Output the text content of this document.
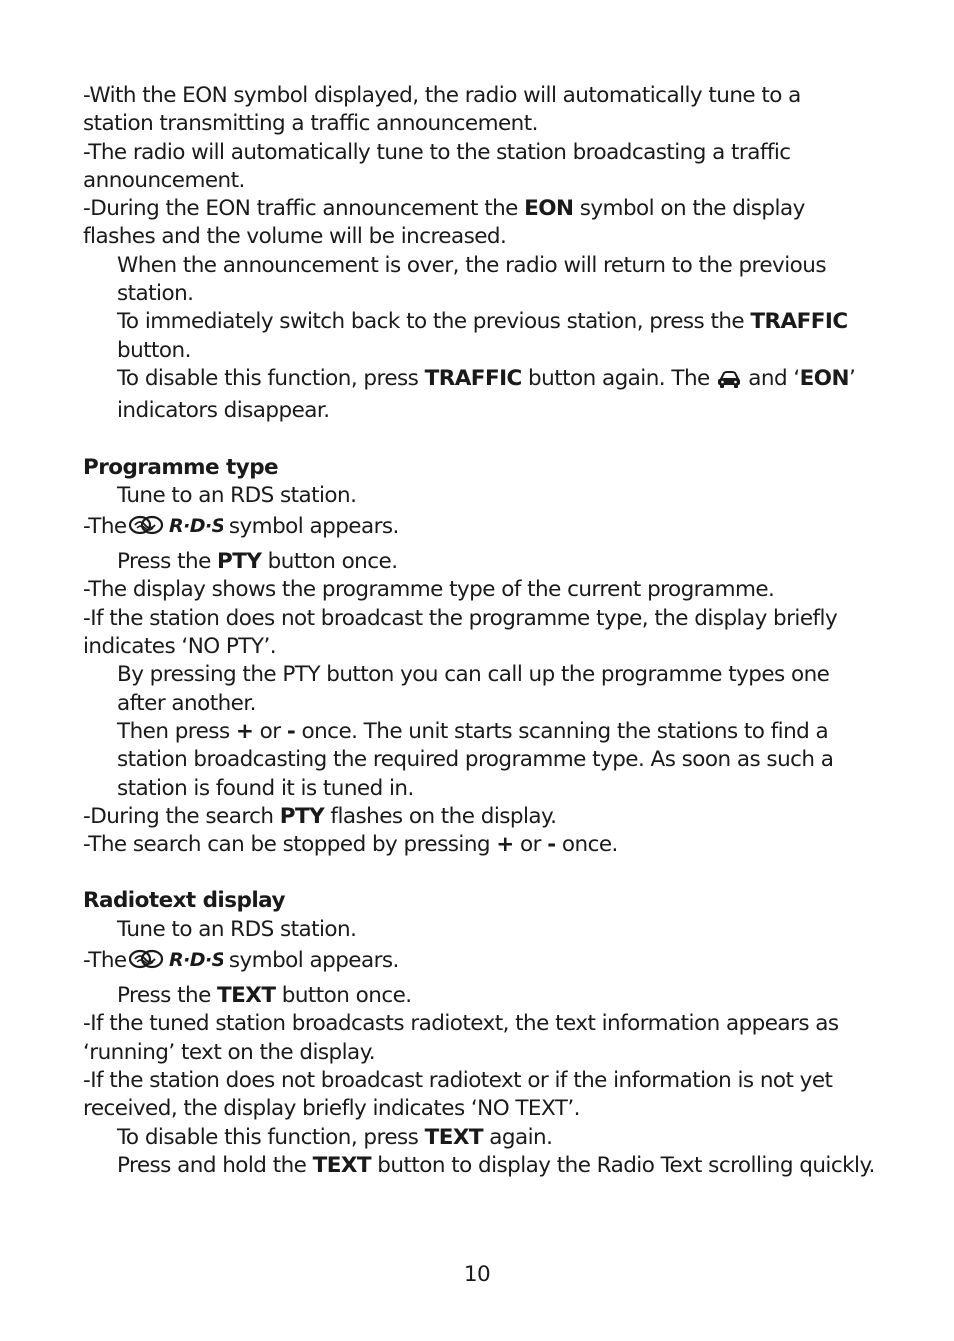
-With the EON symbol displayed, the radio will automatically tune to a
station transmitting a traffic announcement.
-The radio will automatically tune to the station broadcasting a traffic
announcement.
-During the EON traffic announcement the EON symbol on the display
flashes and the volume will be increased.
When the announcement is over, the radio will return to the previous
station.
To immediately switch back to the previous station, press the TRAFFIC
button.
To disable this function, press TRAFFIC button again. The  and ‘EON’
indicators disappear.
Programme type
Tune to an RDS station.
-The R·D·S
symbol appears.
Press the PTY button once.
-The display shows the programme type of the current programme.
-If the station does not broadcast the programme type, the display briefly
indicates ‘NO PTY’.
By pressing the PTY button you can call up the programme types one
after another.
Then press + or - once. The unit starts scanning the stations to find a
station broadcasting the required programme type. As soon as such a
station is found it is tuned in.
-During the search PTY flashes on the display.
-The search can be stopped by pressing + or - once.
Radiotext display
Tune to an RDS station.
-The R·D·S
symbol appears.
Press the TEXT button once.
-If the tuned station broadcasts radiotext, the text information appears as
‘running’ text on the display.
-If the station does not broadcast radiotext or if the information is not yet
received, the display briefly indicates ‘NO TEXT’.
To disable this function, press TEXT again.
Press and hold the TEXT button to display the Radio Text scrolling quickly.
10
